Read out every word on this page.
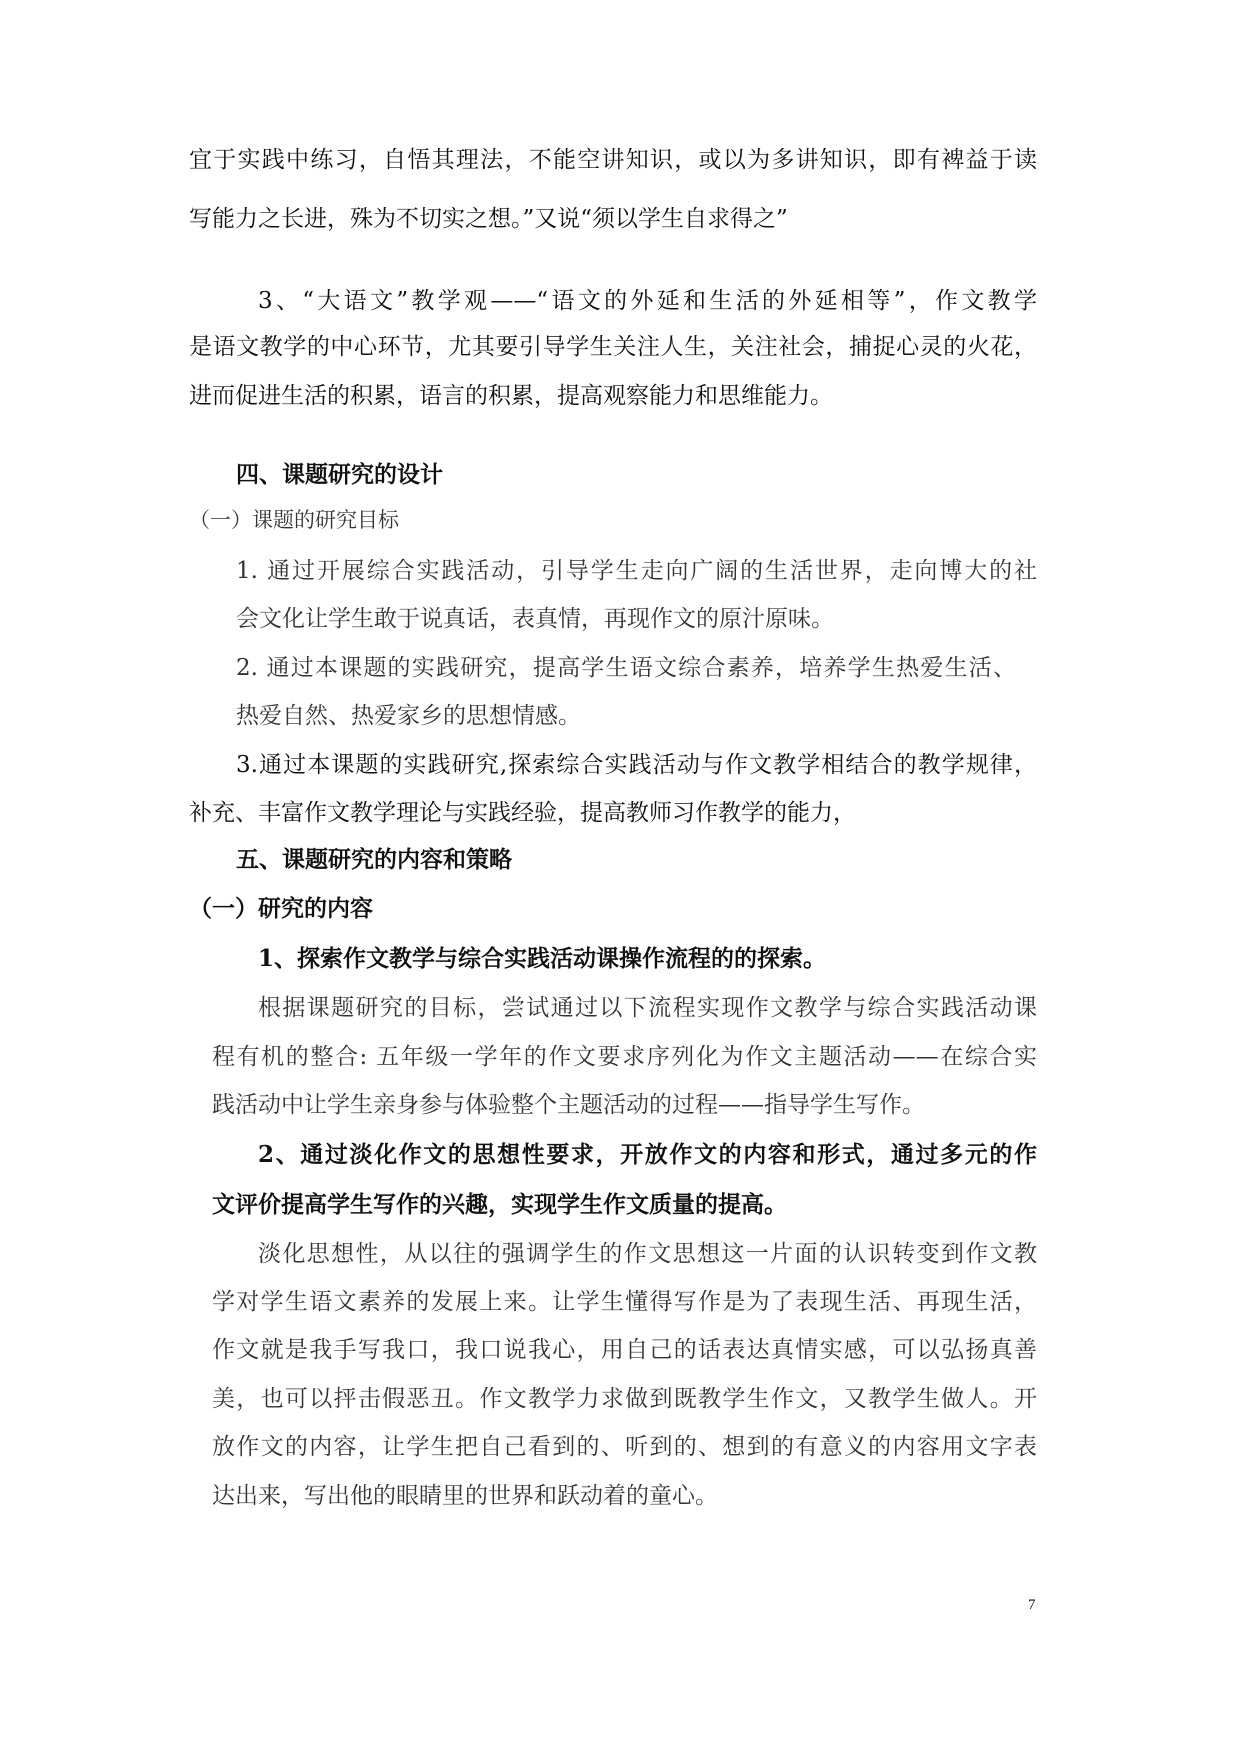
宜于实践中练习，自悟其理法，不能空讲知识，或以为多讲知识，即有裨益于读
写能力之长进，殊为不切实之想。”又说“须以学生自求得之”
3、“大语文”教学观——“语文的外延和生活的外延相等”，作文教学
是语文教学的中心环节，尤其要引导学生关注人生，关注社会，捕捉心灵的火花，
进而促进生活的积累，语言的积累，提高观察能力和思维能力。
四、课题研究的设计
（一）课题的研究目标
1. 通过开展综合实践活动，引导学生走向广阔的生活世界，走向博大的社
会文化让学生敢于说真话，表真情，再现作文的原汁原味。
2. 通过本课题的实践研究，提高学生语文综合素养，培养学生热爱生活、
热爱自然、热爱家乡的思想情感。
3.通过本课题的实践研究,探索综合实践活动与作文教学相结合的教学规律，
补充、丰富作文教学理论与实践经验，提高教师习作教学的能力，
五、课题研究的内容和策略
（一）研究的内容
1、探索作文教学与综合实践活动课操作流程的的探索。
根据课题研究的目标，尝试通过以下流程实现作文教学与综合实践活动课
程有机的整合: 五年级一学年的作文要求序列化为作文主题活动——在综合实
践活动中让学生亲身参与体验整个主题活动的过程——指导学生写作。
2、通过淡化作文的思想性要求，开放作文的内容和形式，通过多元的作
文评价提高学生写作的兴趣，实现学生作文质量的提高。
淡化思想性，从以往的强调学生的作文思想这一片面的认识转变到作文教
学对学生语文素养的发展上来。让学生懂得写作是为了表现生活、再现生活，
作文就是我手写我口，我口说我心，用自己的话表达真情实感，可以弘扬真善
美，也可以抨击假恶丑。作文教学力求做到既教学生作文，又教学生做人。开
放作文的内容，让学生把自己看到的、听到的、想到的有意义的内容用文字表
达出来，写出他的眼睛里的世界和跃动着的童心。
7
